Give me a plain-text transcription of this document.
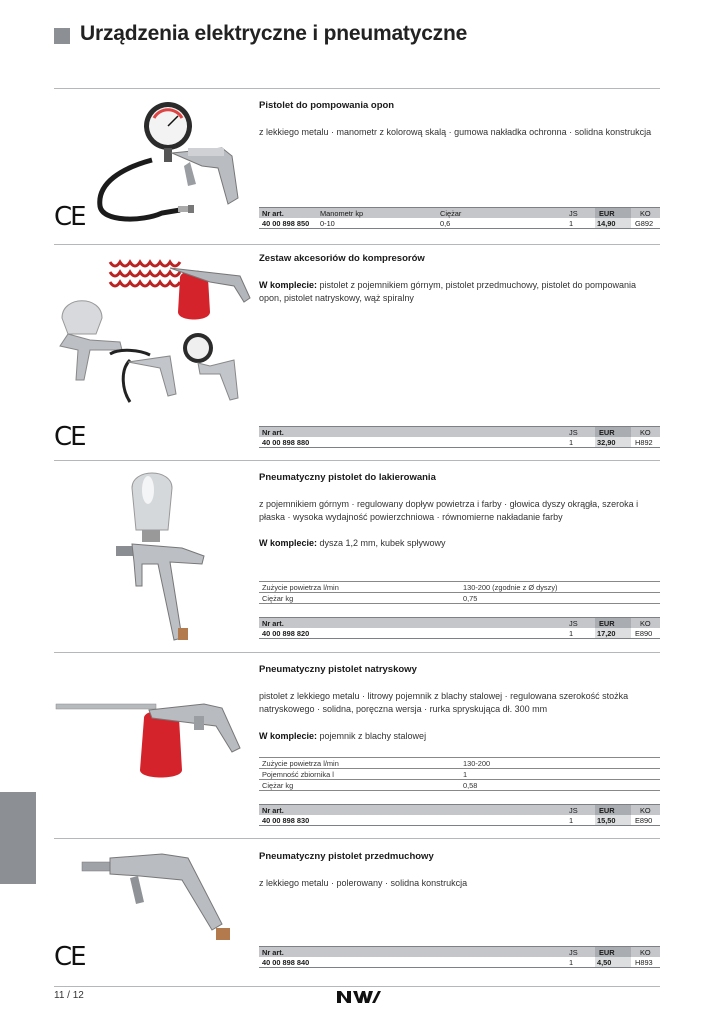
Urządzenia elektryczne i pneumatyczne
CE
Pistolet do pompowania opon
z lekkiego metalu · manometr z kolorową skalą · gumowa nakładka ochronna · solidna konstrukcja
Nr art.	Manometr kp	Ciężar	JS	EUR	KO
40 00 898 850 0-10	0,6	1	14,90	G892
CE
Zestaw akcesoriów do kompresorów
W komplecie: pistolet z pojemnikiem górnym, pistolet przedmuchowy, pistolet do pompowania opon, pistolet natryskowy, wąż spiralny
Nr art.	JS	EUR	KO
40 00 898 880	1	32,90	H892
Pneumatyczny pistolet do lakierowania
z pojemnikiem górnym · regulowany dopływ powietrza i farby · głowica dyszy okrągła, szeroka i płaska · wysoka wydajność powierzchniowa · równomierne nakładanie farby
W komplecie: dysza 1,2 mm, kubek spływowy
Zużycie powietrza l/min	130-200 (zgodnie z Ø dyszy)
Ciężar kg	0,75
Nr art.	JS	EUR	KO
40 00 898 820	1	17,20	E890
Pneumatyczny pistolet natryskowy
pistolet z lekkiego metalu · litrowy pojemnik z blachy stalowej · regulowana szerokość stożka natryskowego · solidna, poręczna wersja · rurka spryskująca dł. 300 mm
W komplecie: pojemnik z blachy stalowej
Zużycie powietrza l/min	130-200
Pojemność zbiornika l	1
Ciężar kg	0,58
Nr art.	JS	EUR	KO
40 00 898 830	1	15,50	E890
CE
Pneumatyczny pistolet przedmuchowy
z lekkiego metalu · polerowany · solidna konstrukcja
Nr art.	JS	EUR	KO
40 00 898 840	1	4,50	H893
11 / 12
